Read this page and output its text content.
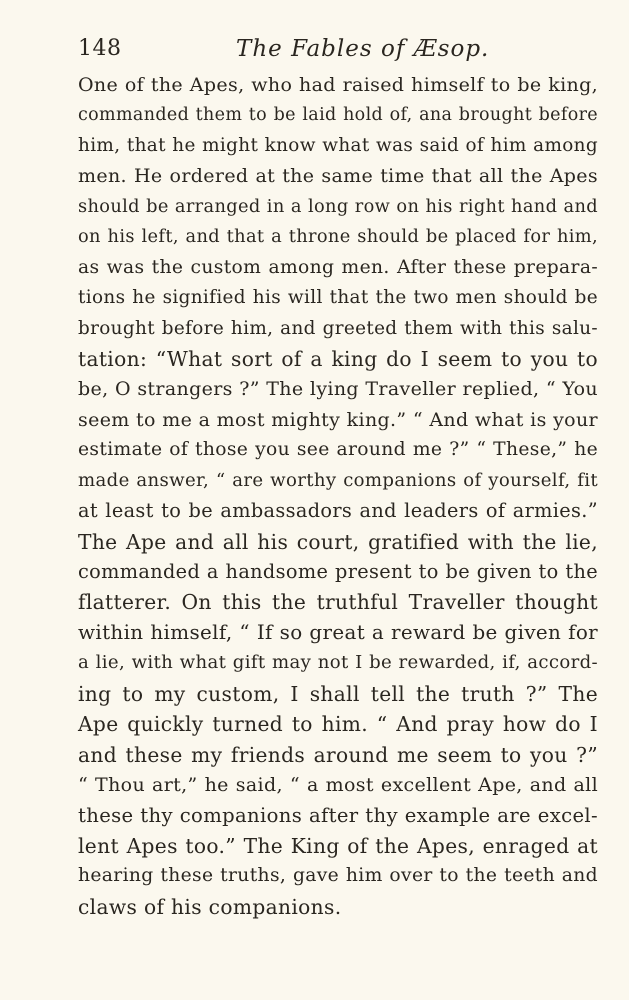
148	The Fables of Æsop.
One of the Apes, who had raised himself to be king,
commanded them to be laid hold of, ana brought before
him, that he might know what was said of him among
men. He ordered at the same time that all the Apes
should be arranged in a long row on his right hand and
on his left, and that a throne should be placed for him,
as was the custom among men. After these prepara-
tions he signified his will that the two men should be
brought before him, and greeted them with this salu-
tation: “What sort of a king do I seem to you to
be, O strangers ?” The lying Traveller replied, “ You
seem to me a most mighty king.” “ And what is your
estimate of those you see around me ?” “ These,” he
made answer, “ are worthy companions of yourself, fit
at least to be ambassadors and leaders of armies.”
The Ape and all his court, gratified with the lie,
commanded a handsome present to be given to the
flatterer. On this the truthful Traveller thought
within himself, “ If so great a reward be given for
a lie, with what gift may not I be rewarded, if, accord-
ing to my custom, I shall tell the truth ?” The
Ape quickly turned to him. “ And pray how do I
and these my friends around me seem to you ?”
“ Thou art,” he said, “ a most excellent Ape, and all
these thy companions after thy example are excel-
lent Apes too.” The King of the Apes, enraged at
hearing these truths, gave him over to the teeth and
claws of his companions.
